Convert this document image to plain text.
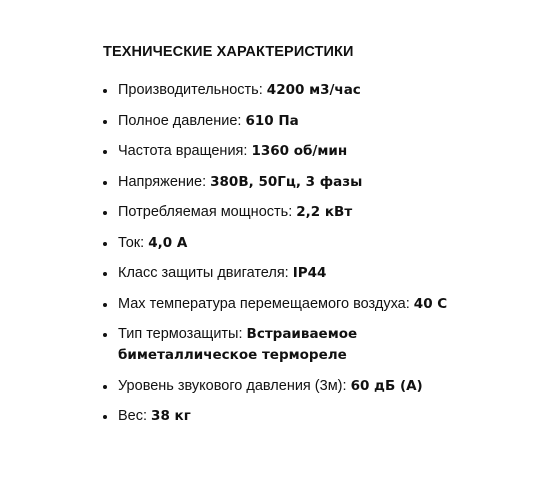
ТЕХНИЧЕСКИЕ ХАРАКТЕРИСТИКИ
Производительность: 4200 м3/час
Полное давление: 610 Па
Частота вращения: 1360 об/мин
Напряжение: 380В, 50Гц, 3 фазы
Потребляемая мощность: 2,2 кВт
Ток: 4,0 А
Класс защиты двигателя: IP44
Мах температура перемещаемого воздуха: 40 С
Тип термозащиты: Встраиваемое биметаллическое термореле
Уровень звукового давления (3м): 60 дБ (А)
Вес: 38 кг
